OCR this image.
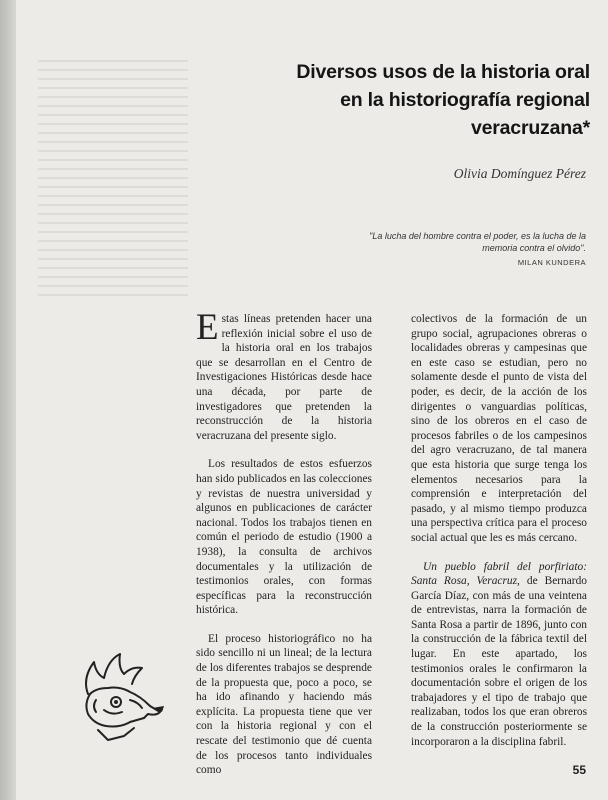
Diversos usos de la historia oral
en la historiografía regional
veracruzana*
Olivia Domínguez Pérez
"La lucha del hombre contra el poder, es la lucha de la memoria contra el olvido".
MILAN KUNDERA

Estas líneas pretenden hacer una reflexión inicial sobre el uso de la historia oral en los trabajos que se desarrollan en el Centro de Investigaciones Históricas desde hace una década, por parte de investigadores que pretenden la reconstrucción de la historia veracruzana del presente siglo.

Los resultados de estos esfuerzos han sido publicados en las colecciones y revistas de nuestra universidad y algunos en publicaciones de carácter nacional. Todos los trabajos tienen en común el periodo de estudio (1900 a 1938), la consulta de archivos documentales y la utilización de testimonios orales, con formas específicas para la reconstrucción histórica.

El proceso historiográfico no ha sido sencillo ni un lineal; de la lectura de los diferentes trabajos se desprende de la propuesta que, poco a poco, se ha ido afinando y haciendo más explícita. La propuesta tiene que ver con la historia regional y con el rescate del testimonio que dé cuenta de los procesos tanto individuales como

colectivos de la formación de un grupo social, agrupaciones obreras o localidades obreras y campesinas que en este caso se estudian, pero no solamente desde el punto de vista del poder, es decir, de la acción de los dirigentes o vanguardias políticas, sino de los obreros en el caso de procesos fabriles o de los campesinos del agro veracruzano, de tal manera que esta historia que surge tenga los elementos necesarios para la comprensión e interpretación del pasado, y al mismo tiempo produzca una perspectiva crítica para el proceso social actual que les es más cercano.

Un pueblo fabril del porfiriato: Santa Rosa, Veracruz, de Bernardo García Díaz, con más de una veintena de entrevistas, narra la formación de Santa Rosa a partir de 1896, junto con la construcción de la fábrica textil del lugar. En este apartado, los testimonios orales le confirmaron la documentación sobre el origen de los trabajadores y el tipo de trabajo que realizaban, todos los que eran obreros de la construcción posteriormente se incorporaron a la disciplina fabril.

55
